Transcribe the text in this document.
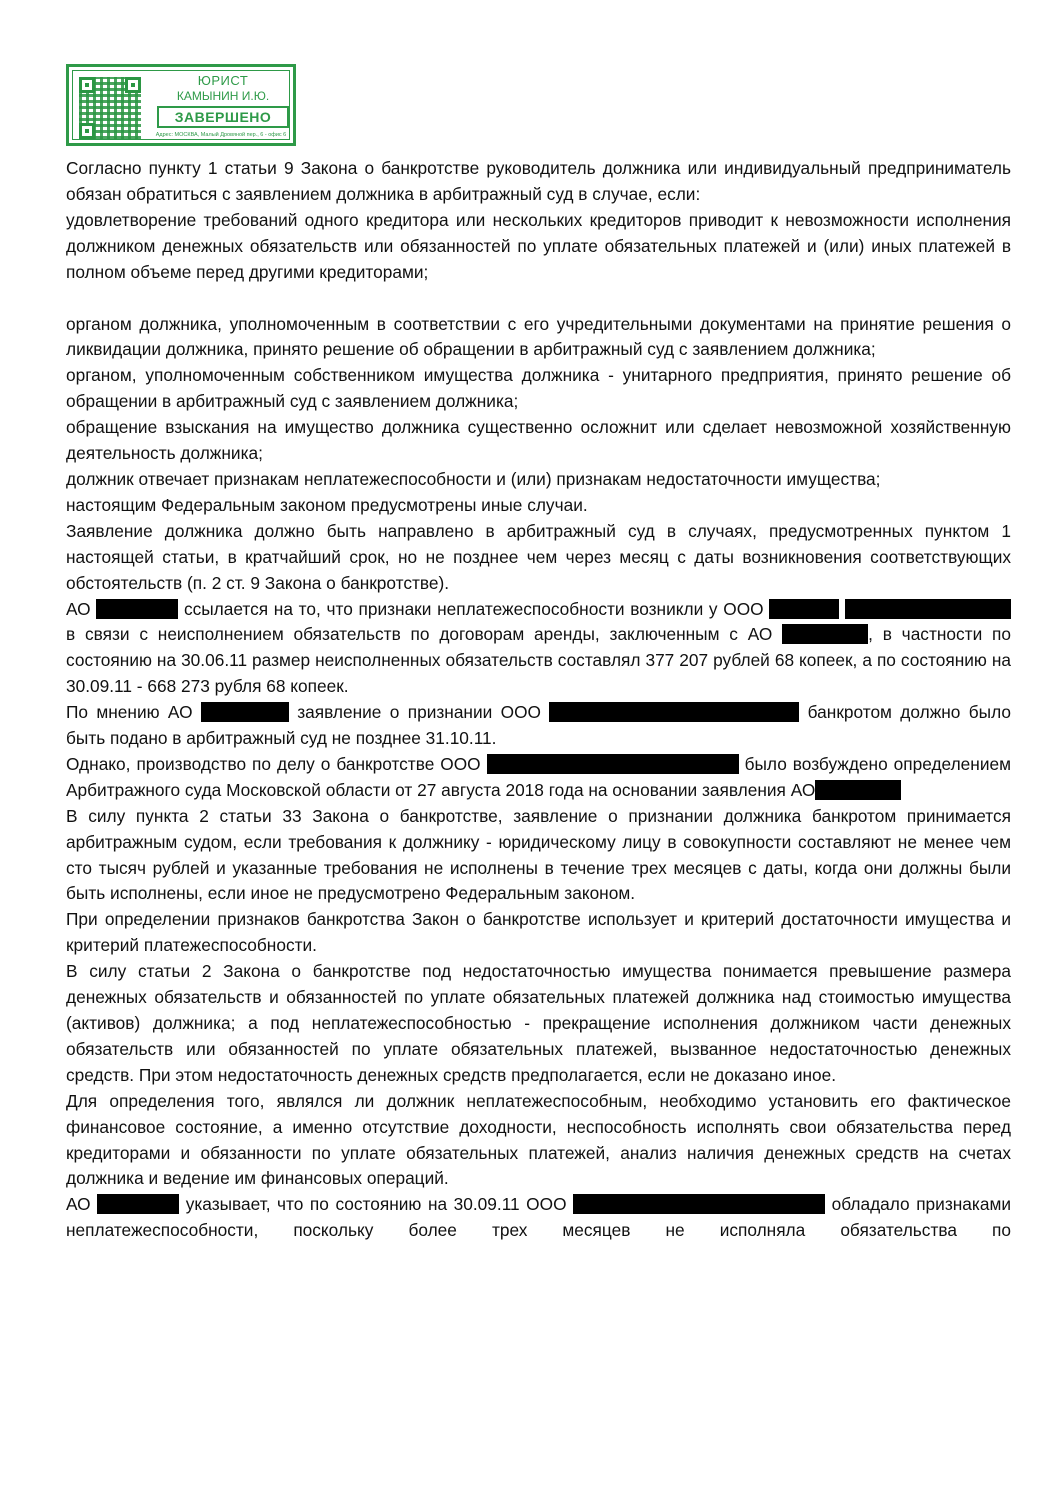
ЮРИСТ
КАМЫНИН И.Ю.
ЗАВЕРШЕНО
Адрес: МОСКВА, Малый Дровяной пер., 6 - офис 6

Согласно пункту 1 статьи 9 Закона о банкротстве руководитель должника или индивидуальный предприниматель обязан обратиться с заявлением должника в арбитражный суд в случае, если:

удовлетворение требований одного кредитора или нескольких кредиторов приводит к невозможности исполнения должником денежных обязательств или обязанностей по уплате обязательных платежей и (или) иных платежей в полном объеме перед другими кредиторами;

органом должника, уполномоченным в соответствии с его учредительными документами на принятие решения о ликвидации должника, принято решение об обращении в арбитражный суд с заявлением должника;

органом, уполномоченным собственником имущества должника - унитарного предприятия, принято решение об обращении в арбитражный суд с заявлением должника;

обращение взыскания на имущество должника существенно осложнит или сделает невозможной хозяйственную деятельность должника;

должник отвечает признакам неплатежеспособности и (или) признакам недостаточности имущества;

настоящим Федеральным законом предусмотрены иные случаи.

Заявление должника должно быть направлено в арбитражный суд в случаях, предусмотренных пунктом 1 настоящей статьи, в кратчайший срок, но не позднее чем через месяц с даты возникновения соответствующих обстоятельств (п. 2 ст. 9 Закона о банкротстве).

АО	ссылается на то, что признаки неплатежеспособности возникли у ООО   в связи с неисполнением обязательств по договорам аренды, заключенным с АО	, в частности по состоянию на 30.06.11 размер неисполненных обязательств составлял 377 207 рублей 68 копеек, а по состоянию на 30.09.11 - 668 273 рубля 68 копеек.

По мнению АО	заявление о признании ООО	банкротом должно было быть подано в арбитражный суд не позднее 31.10.11.

Однако, производство по делу о банкротстве ООО	было возбуждено определением Арбитражного суда Московской области от 27 августа 2018 года на основании заявления АО

В силу пункта 2 статьи 33 Закона о банкротстве, заявление о признании должника банкротом принимается арбитражным судом, если требования к должнику - юридическому лицу в совокупности составляют не менее чем сто тысяч рублей и указанные требования не исполнены в течение трех месяцев с даты, когда они должны были быть исполнены, если иное не предусмотрено Федеральным законом.

При определении признаков банкротства Закон о банкротстве использует и критерий достаточности имущества и критерий платежеспособности.

В силу статьи 2 Закона о банкротстве под недостаточностью имущества понимается превышение размера денежных обязательств и обязанностей по уплате обязательных платежей должника над стоимостью имущества (активов) должника; а под неплатежеспособностью - прекращение исполнения должником части денежных обязательств или обязанностей по уплате обязательных платежей, вызванное недостаточностью денежных средств. При этом недостаточность денежных средств предполагается, если не доказано иное.

Для определения того, являлся ли должник неплатежеспособным, необходимо установить его фактическое финансовое состояние, а именно отсутствие доходности, неспособность исполнять свои обязательства перед кредиторами и обязанности по уплате обязательных платежей, анализ наличия денежных средств на счетах должника и ведение им финансовых операций.

АО	указывает, что по состоянию на 30.09.11 ООО	обладало признаками неплатежеспособности, поскольку более трех месяцев не исполняла обязательства по
